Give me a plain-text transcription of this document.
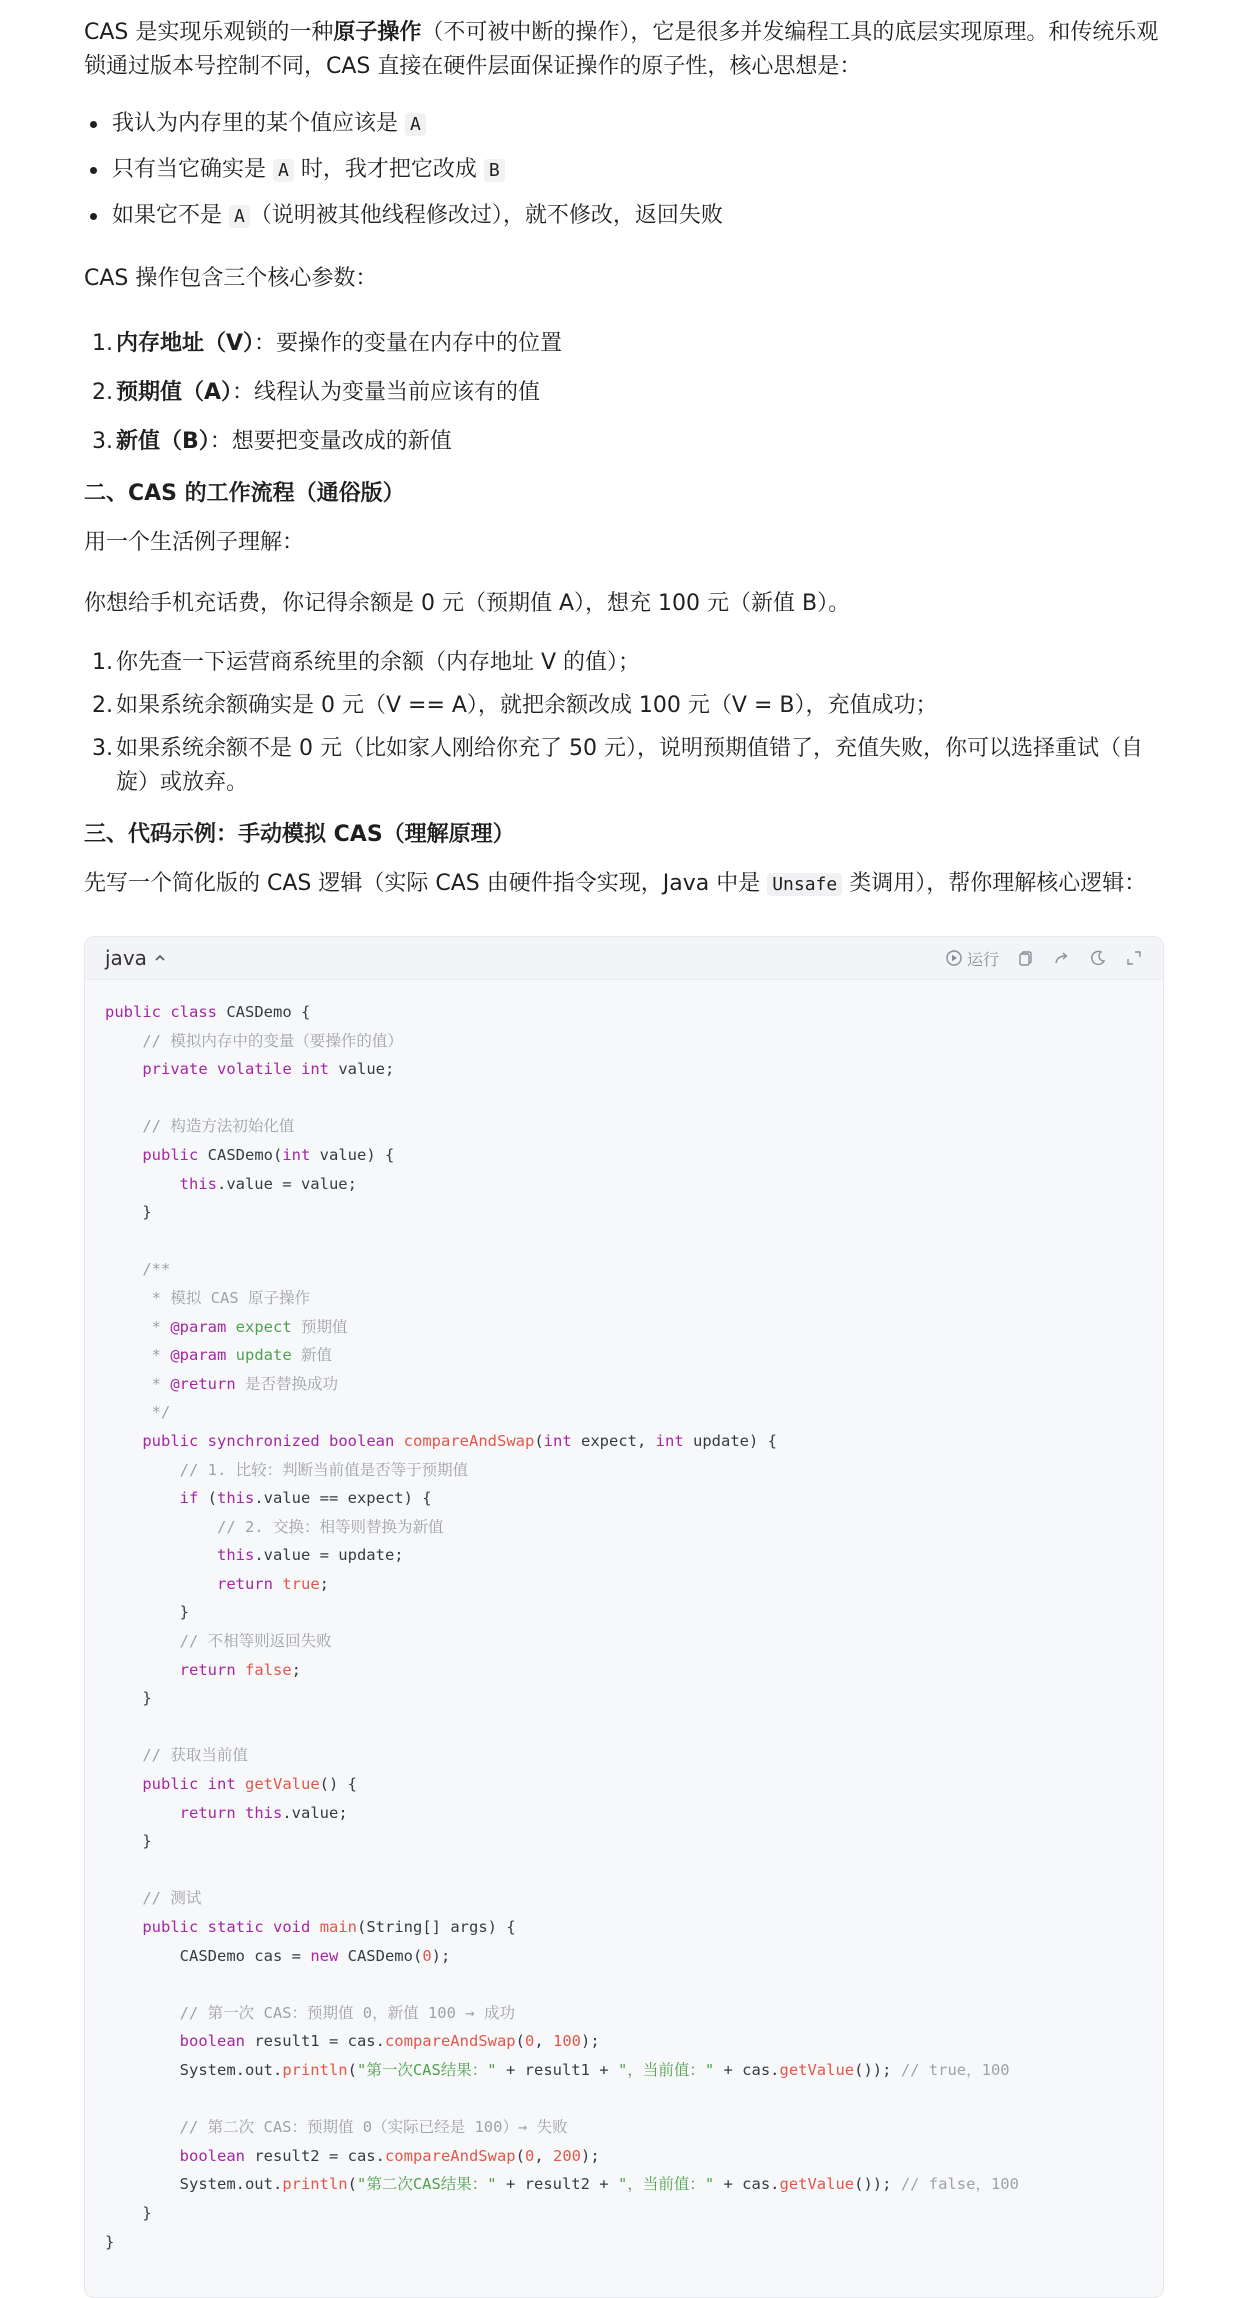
CAS 是实现乐观锁的一种原子操作（不可被中断的操作），它是很多并发编程工具的底层实现原理。和传统乐观锁通过版本号控制不同，CAS 直接在硬件层面保证操作的原子性，核心思想是：

我认为内存里的某个值应该是 A
只有当它确实是 A 时，我才把它改成 B
如果它不是 A （说明被其他线程修改过），就不修改，返回失败

CAS 操作包含三个核心参数：

1. 内存地址（V）：要操作的变量在内存中的位置
2. 预期值（A）：线程认为变量当前应该有的值
3. 新值（B）：想要把变量改成的新值
二、CAS 的工作流程（通俗版）

用一个生活例子理解：

你想给手机充话费，你记得余额是 0 元（预期值 A），想充 100 元（新值 B）。

1. 你先查一下运营商系统里的余额（内存地址 V 的值）；
2. 如果系统余额确实是 0 元（V == A），就把余额改成 100 元（V = B），充值成功；
3. 如果系统余额不是 0 元（比如家人刚给你充了 50 元），说明预期值错了，充值失败，你可以选择重试（自旋）或放弃。
三、代码示例：手动模拟 CAS（理解原理）

先写一个简化版的 CAS 逻辑（实际 CAS 由硬件指令实现，Java 中是 Unsafe 类调用），帮你理解核心逻辑：

java	运行
public class CASDemo {
// 模拟内存中的变量（要操作的值）
private volatile int value;

// 构造方法初始化值
public CASDemo(int value) {
this.value = value;
}

/**
* 模拟 CAS 原子操作
* @param expect 预期值
* @param update 新值
* @return 是否替换成功
*/
public synchronized boolean compareAndSwap(int expect, int update) {
// 1. 比较：判断当前值是否等于预期值
if (this.value == expect) {
// 2. 交换：相等则替换为新值
this.value = update;
return true;
}
// 不相等则返回失败
return false;
}

// 获取当前值
public int getValue() {
return this.value;
}

// 测试
public static void main(String[] args) {
CASDemo cas = new CASDemo(0);

// 第一次 CAS：预期值 0，新值 100 → 成功
boolean result1 = cas.compareAndSwap(0, 100);
System.out.println("第一次CAS结果：" + result1 + "，当前值：" + cas.getValue()); // true，100

// 第二次 CAS：预期值 0（实际已经是 100）→ 失败
boolean result2 = cas.compareAndSwap(0, 200);
System.out.println("第二次CAS结果：" + result2 + "，当前值：" + cas.getValue()); // false，100
}
}
